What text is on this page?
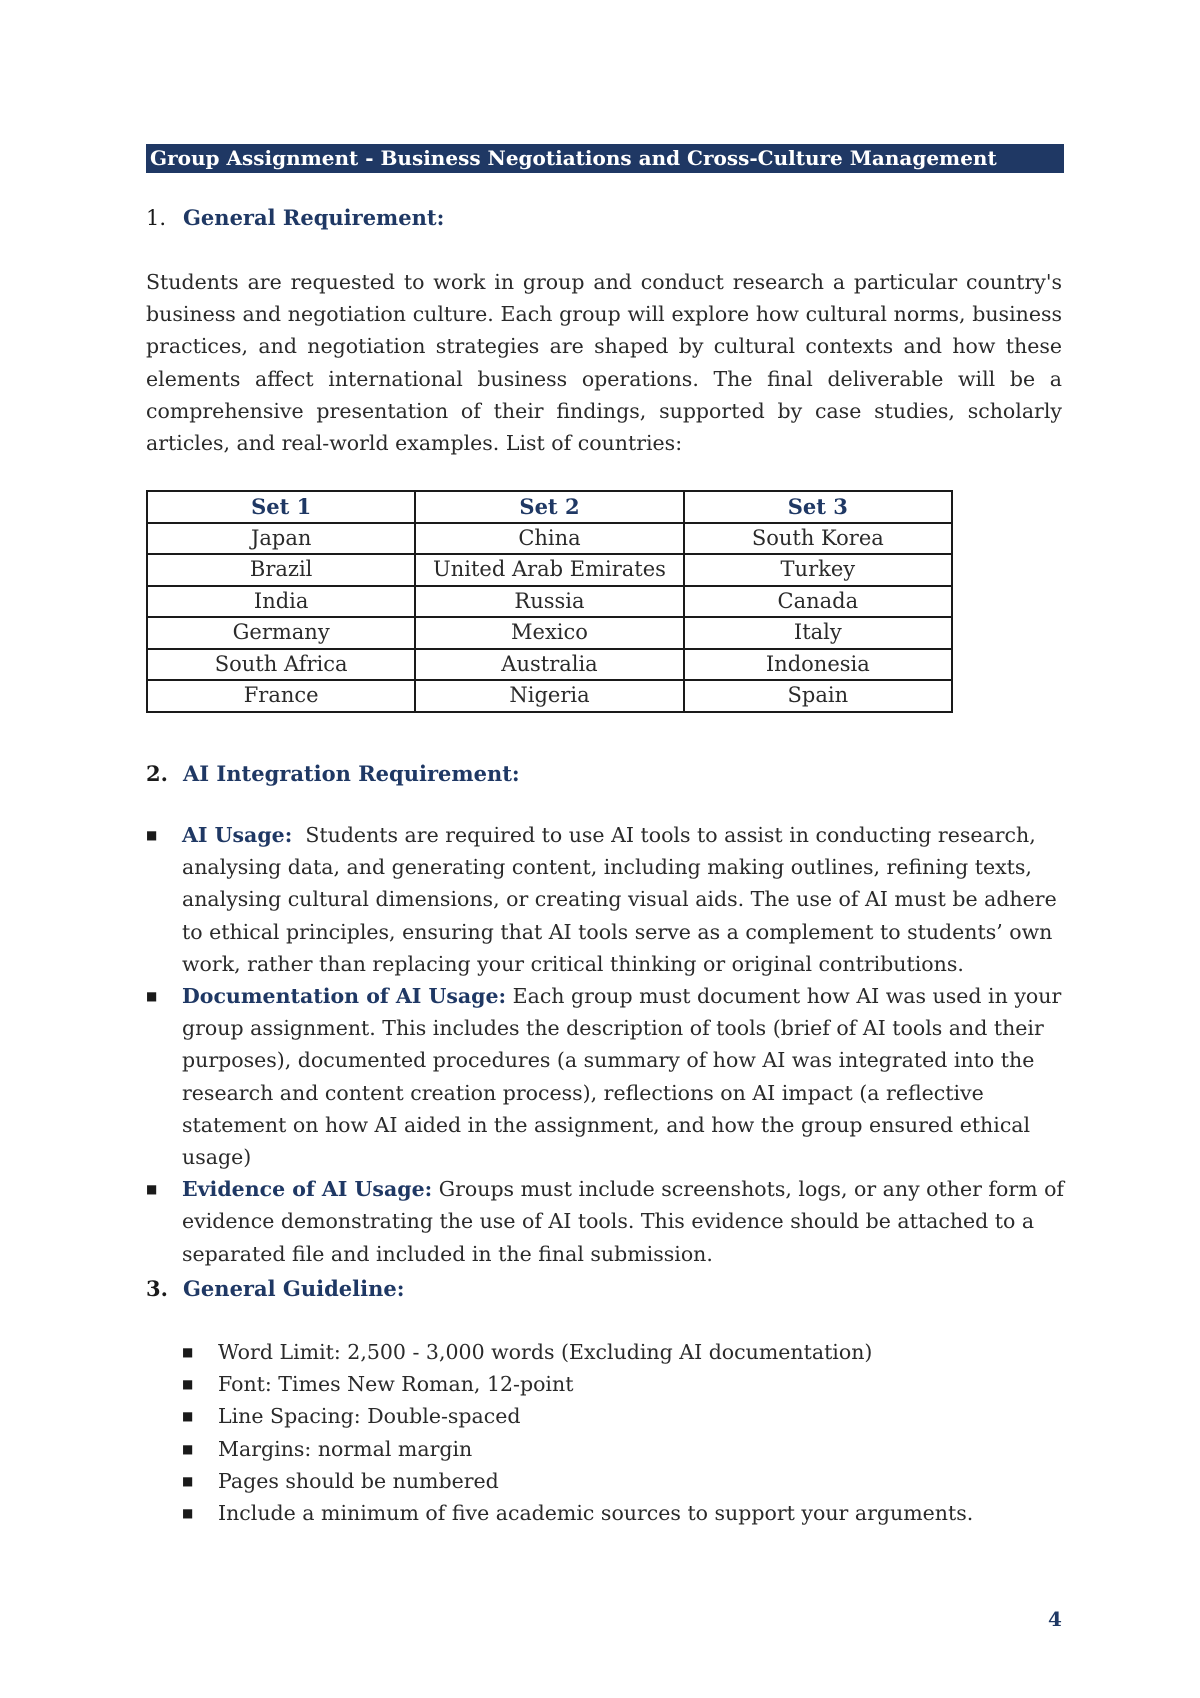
Group Assignment - Business Negotiations and Cross-Culture Management
1. General Requirement:
Students are requested to work in group and conduct research a particular country's business and negotiation culture. Each group will explore how cultural norms, business practices, and negotiation strategies are shaped by cultural contexts and how these elements affect international business operations. The final deliverable will be a comprehensive presentation of their findings, supported by case studies, scholarly articles, and real-world examples. List of countries:
Set 1	Set 2	Set 3
Japan	China	South Korea
Brazil	United Arab Emirates	Turkey
India	Russia	Canada
Germany	Mexico	Italy
South Africa	Australia	Indonesia
France	Nigeria	Spain
2. AI Integration Requirement:
■ AI Usage: Students are required to use AI tools to assist in conducting research, analysing data, and generating content, including making outlines, refining texts, analysing cultural dimensions, or creating visual aids. The use of AI must be adhere to ethical principles, ensuring that AI tools serve as a complement to students’ own work, rather than replacing your critical thinking or original contributions.
■ Documentation of AI Usage: Each group must document how AI was used in your group assignment. This includes the description of tools (brief of AI tools and their purposes), documented procedures (a summary of how AI was integrated into the research and content creation process), reflections on AI impact (a reflective statement on how AI aided in the assignment, and how the group ensured ethical usage)
■ Evidence of AI Usage: Groups must include screenshots, logs, or any other form of evidence demonstrating the use of AI tools. This evidence should be attached to a separated file and included in the final submission.
3. General Guideline:
■ Word Limit: 2,500 - 3,000 words (Excluding AI documentation)
■ Font: Times New Roman, 12-point
■ Line Spacing: Double-spaced
■ Margins: normal margin
■ Pages should be numbered
■ Include a minimum of five academic sources to support your arguments.
4
